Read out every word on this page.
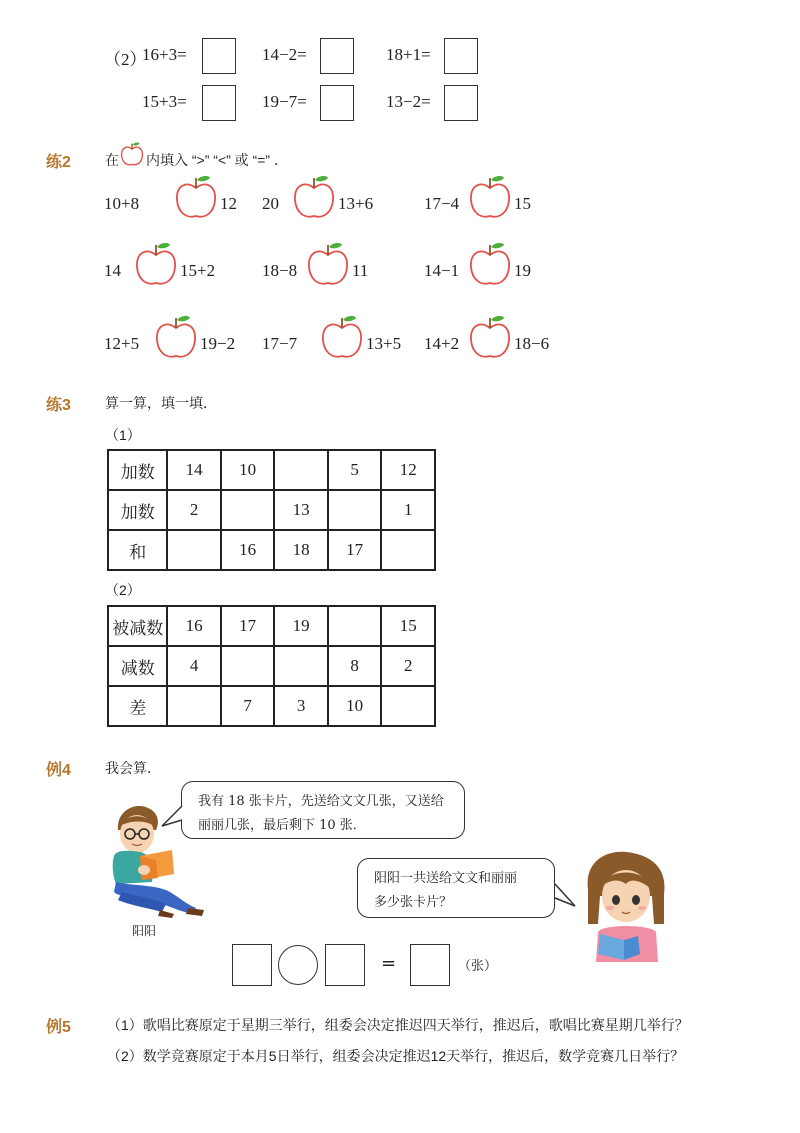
（2）
16+3=	14−2=	18+1=
15+3=	19−7=	13−2=
练2 在 内填入 “>” “<” 或 “=” ．
10+8	12 20	13+6	17−4	15
14	15+2	18−8	11	14−1	19
12+5	19−2 17−7	13+5 14+2	18−6
练3 算一算，填一填．
（1）
加数	14	10		5	12
加数	2		13		1
和		16	18	17	
（2）
被减数	16	17	19		15
减数	4			8	2
差		7	3	10	
例4 我会算．
阳阳
我有 18 张卡片，先送给文文几张，又送给
丽丽几张，最后剩下 10 张．
阳阳一共送给文文和丽丽
多少张卡片？
=	（张）
例5	（1）歌唱比赛原定于星期三举行，组委会决定推迟四天举行，推迟后，歌唱比赛星期几举行？
（2）数学竞赛原定于本月5日举行，组委会决定推迟12天举行，推迟后，数学竞赛几日举行？
